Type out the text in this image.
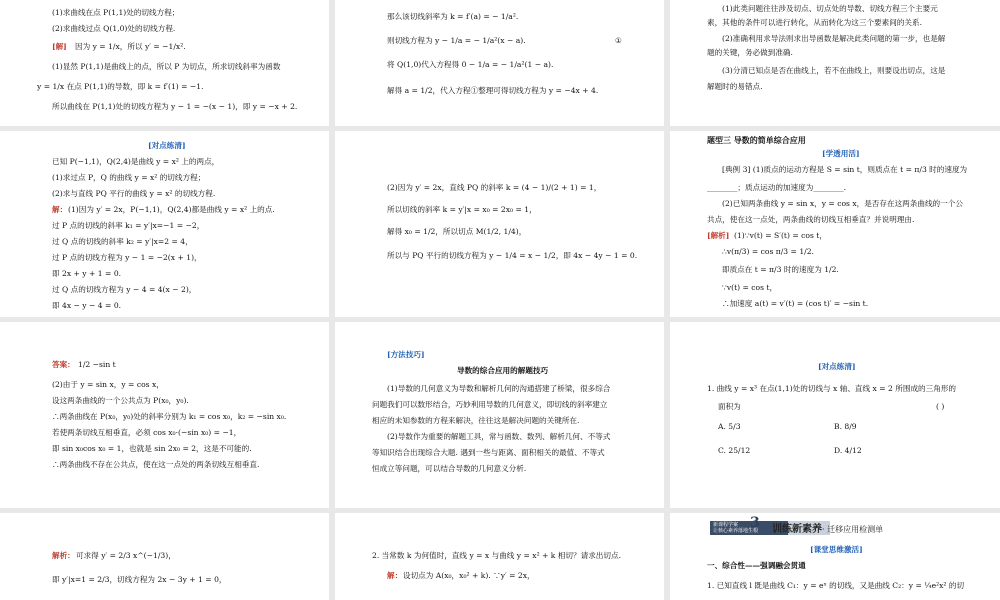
(1)求曲线在点 P(1,1)处的切线方程；
(2)求曲线过点 Q(1,0)处的切线方程.
[解] 因为 y = 1/x，所以 y′ = −1/x².
(1)显然 P(1,1)是曲线上的点，所以 P 为切点，所求切线斜率为函数
y = 1/x 在点 P(1,1)的导数，即 k = f′(1) = −1.
所以曲线在 P(1,1)处的切线方程为 y − 1 = −(x − 1)，即 y = −x + 2.
那么该切线斜率为 k = f′(a) = − 1/a².
则切线方程为 y − 1/a = − 1/a²(x − a).	①
将 Q(1,0)代入方程得 0 − 1/a = − 1/a²(1 − a).
解得 a = 1/2，代入方程①整理可得切线方程为 y = −4x + 4.
(1)此类问题往往涉及切点、切点处的导数、切线方程三个主要元
素，其他的条件可以进行转化，从而转化为这三个要素间的关系.
(2)准确利用求导法则求出导函数是解决此类问题的第一步，也是解
题的关键，务必做到准确.
(3)分清已知点是否在曲线上，若不在曲线上，则要设出切点，这是
解题时的易错点.
[对点练清]
已知 P(−1,1)，Q(2,4)是曲线 y = x² 上的两点，
(1)求过点 P，Q 的曲线 y = x² 的切线方程；
(2)求与直线 PQ 平行的曲线 y = x² 的切线方程.
解： (1)因为 y′ = 2x，P(−1,1)，Q(2,4)都是曲线 y = x² 上的点.
过 P 点的切线的斜率 k₁ = y′|x=−1 = −2，
过 Q 点的切线的斜率 k₂ = y′|x=2 = 4，
过 P 点的切线方程为 y − 1 = −2(x + 1)，
即 2x + y + 1 = 0.
过 Q 点的切线方程为 y − 4 = 4(x − 2)，
即 4x − y − 4 = 0.
(2)因为 y′ = 2x，直线 PQ 的斜率 k = (4 − 1)/(2 + 1) = 1，
所以切线的斜率 k = y′|x = x₀ = 2x₀ = 1，
解得 x₀ = 1/2，所以切点 M(1/2, 1/4)，
所以与 PQ 平行的切线方程为 y − 1/4 = x − 1/2，即 4x − 4y − 1 = 0.
题型三 导数的简单综合应用
[学透用活]
[典例 3] (1)质点的运动方程是 S = sin t，则质点在 t = π/3 时的速度为
________；质点运动的加速度为________.
(2)已知两条曲线 y = sin x，y = cos x，是否存在这两条曲线的一个公
共点，使在这一点处，两条曲线的切线互相垂直？并说明理由.
[解析] (1)∵v(t) = S′(t) = cos t，
∴v(π/3) = cos π/3 = 1/2.
即质点在 t = π/3 时的速度为 1/2.
∵v(t) = cos t，
∴加速度 a(t) = v′(t) = (cos t)′ = −sin t.
答案： 1/2 −sin t
(2)由于 y = sin x，y = cos x，
设这两条曲线的一个公共点为 P(x₀，y₀).
∴两条曲线在 P(x₀，y₀)处的斜率分别为 k₁ = cos x₀，k₂ = −sin x₀.
若使两条切线互相垂直，必须 cos x₀·(−sin x₀) = −1，
即 sin x₀cos x₀ = 1，也就是 sin 2x₀ = 2，这是不可能的.
∴两条曲线不存在公共点，使在这一点处的两条切线互相垂直.
[方法技巧]
导数的综合应用的解题技巧
(1)导数的几何意义为导数和解析几何的沟通搭建了桥梁，很多综合
问题我们可以数形结合，巧妙利用导数的几何意义，即切线的斜率建立
相应的未知参数的方程来解决，往往这是解决问题的关键所在.
(2)导数作为重要的解题工具，常与函数、数列、解析几何、不等式
等知识结合出现综合大题. 遇到一些与距离、面积相关的最值、不等式
恒成立等问题，可以结合导数的几何意义分析.
[对点练清]
1. 曲线 y = x³ 在点(1,1)处的切线与 x 轴、直线 x = 2 所围成的三角形的
面积为	( )
A. 5/3	B. 8/9
C. 25/12	D. 4/12
解析： 可求得 y′ = 2/3 x^(−1/3)，
即 y′|x=1 = 2/3，切线方程为 2x − 3y + 1 = 0，
2. 当常数 k 为何值时，直线 y = x 与曲线 y = x² + k 相切？请求出切点.
解： 设切点为 A(x₀，x₀² + k). ∵y′ = 2x，
新课程学案
让核心素养落地生根
3 训练新素养· 迁移应用检测单
[课堂思维激活]
一、综合性——强调融会贯通
1. 已知直线 l 既是曲线 C₁：y = eˣ 的切线，又是曲线 C₂：y = ¼e²x² 的切
